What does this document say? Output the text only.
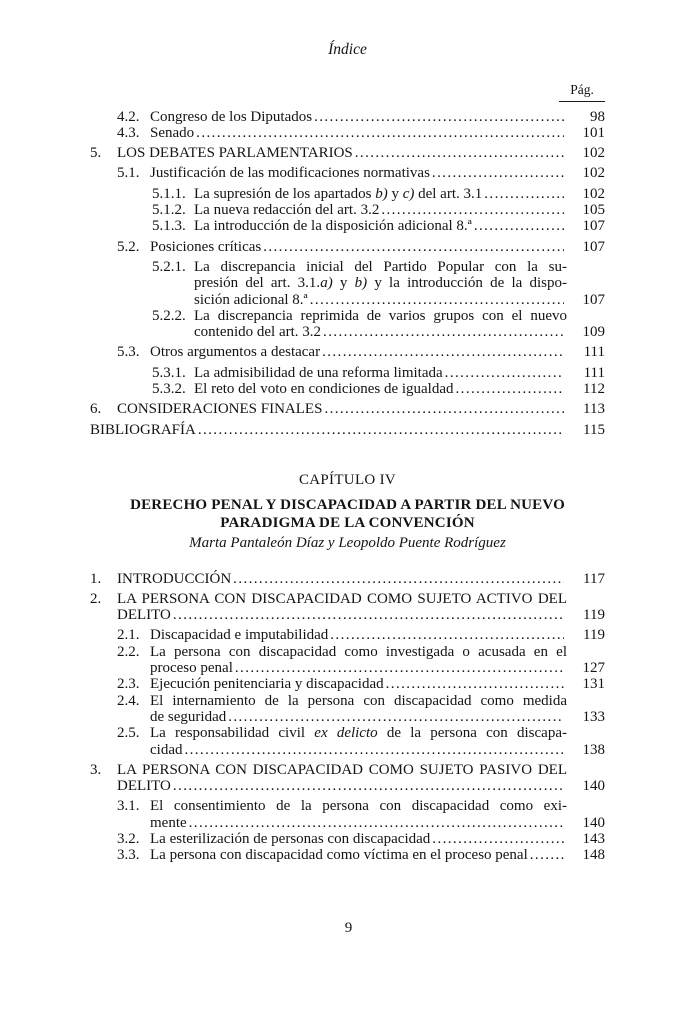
Índice
Pág.
4.2. Congreso de los Diputados .....	98
4.3. Senado .....	101
5.	LOS DEBATES PARLAMENTARIOS .....	102
5.1. Justificación de las modificaciones normativas .....	102
5.1.1. La supresión de los apartados b) y c) del art. 3.1 .....	102
5.1.2. La nueva redacción del art. 3.2 .....	105
5.1.3. La introducción de la disposición adicional 8.ª .....	107
5.2. Posiciones críticas .....	107
5.2.1. La discrepancia inicial del Partido Popular con la su-
presión del art. 3.1.a) y b) y la introducción de la dispo-
sición adicional 8.ª .....	107
5.2.2. La discrepancia reprimida de varios grupos con el nuevo
contenido del art. 3.2 .....	109
5.3. Otros argumentos a destacar .....	111
5.3.1. La admisibilidad de una reforma limitada .....	111
5.3.2. El reto del voto en condiciones de igualdad .....	112
6.	CONSIDERACIONES FINALES .....	113
BIBLIOGRAFÍA .....	115
CAPÍTULO IV
DERECHO PENAL Y DISCAPACIDAD A PARTIR DEL NUEVO
PARADIGMA DE LA CONVENCIÓN
Marta Pantaleón Díaz y Leopoldo Puente Rodríguez
1.	INTRODUCCIÓN .....	117
2.	LA PERSONA CON DISCAPACIDAD COMO SUJETO ACTIVO DEL
DELITO .....	119
2.1. Discapacidad e imputabilidad .....	119
2.2. La persona con discapacidad como investigada o acusada en el
proceso penal .....	127
2.3. Ejecución penitenciaria y discapacidad .....	131
2.4. El internamiento de la persona con discapacidad como medida
de seguridad .....	133
2.5. La responsabilidad civil ex delicto de la persona con discapa-
cidad .....	138
3.	LA PERSONA CON DISCAPACIDAD COMO SUJETO PASIVO DEL
DELITO .....	140
3.1. El consentimiento de la persona con discapacidad como exi-
mente .....	140
3.2. La esterilización de personas con discapacidad .....	143
3.3. La persona con discapacidad como víctima en el proceso penal .....	148
9
